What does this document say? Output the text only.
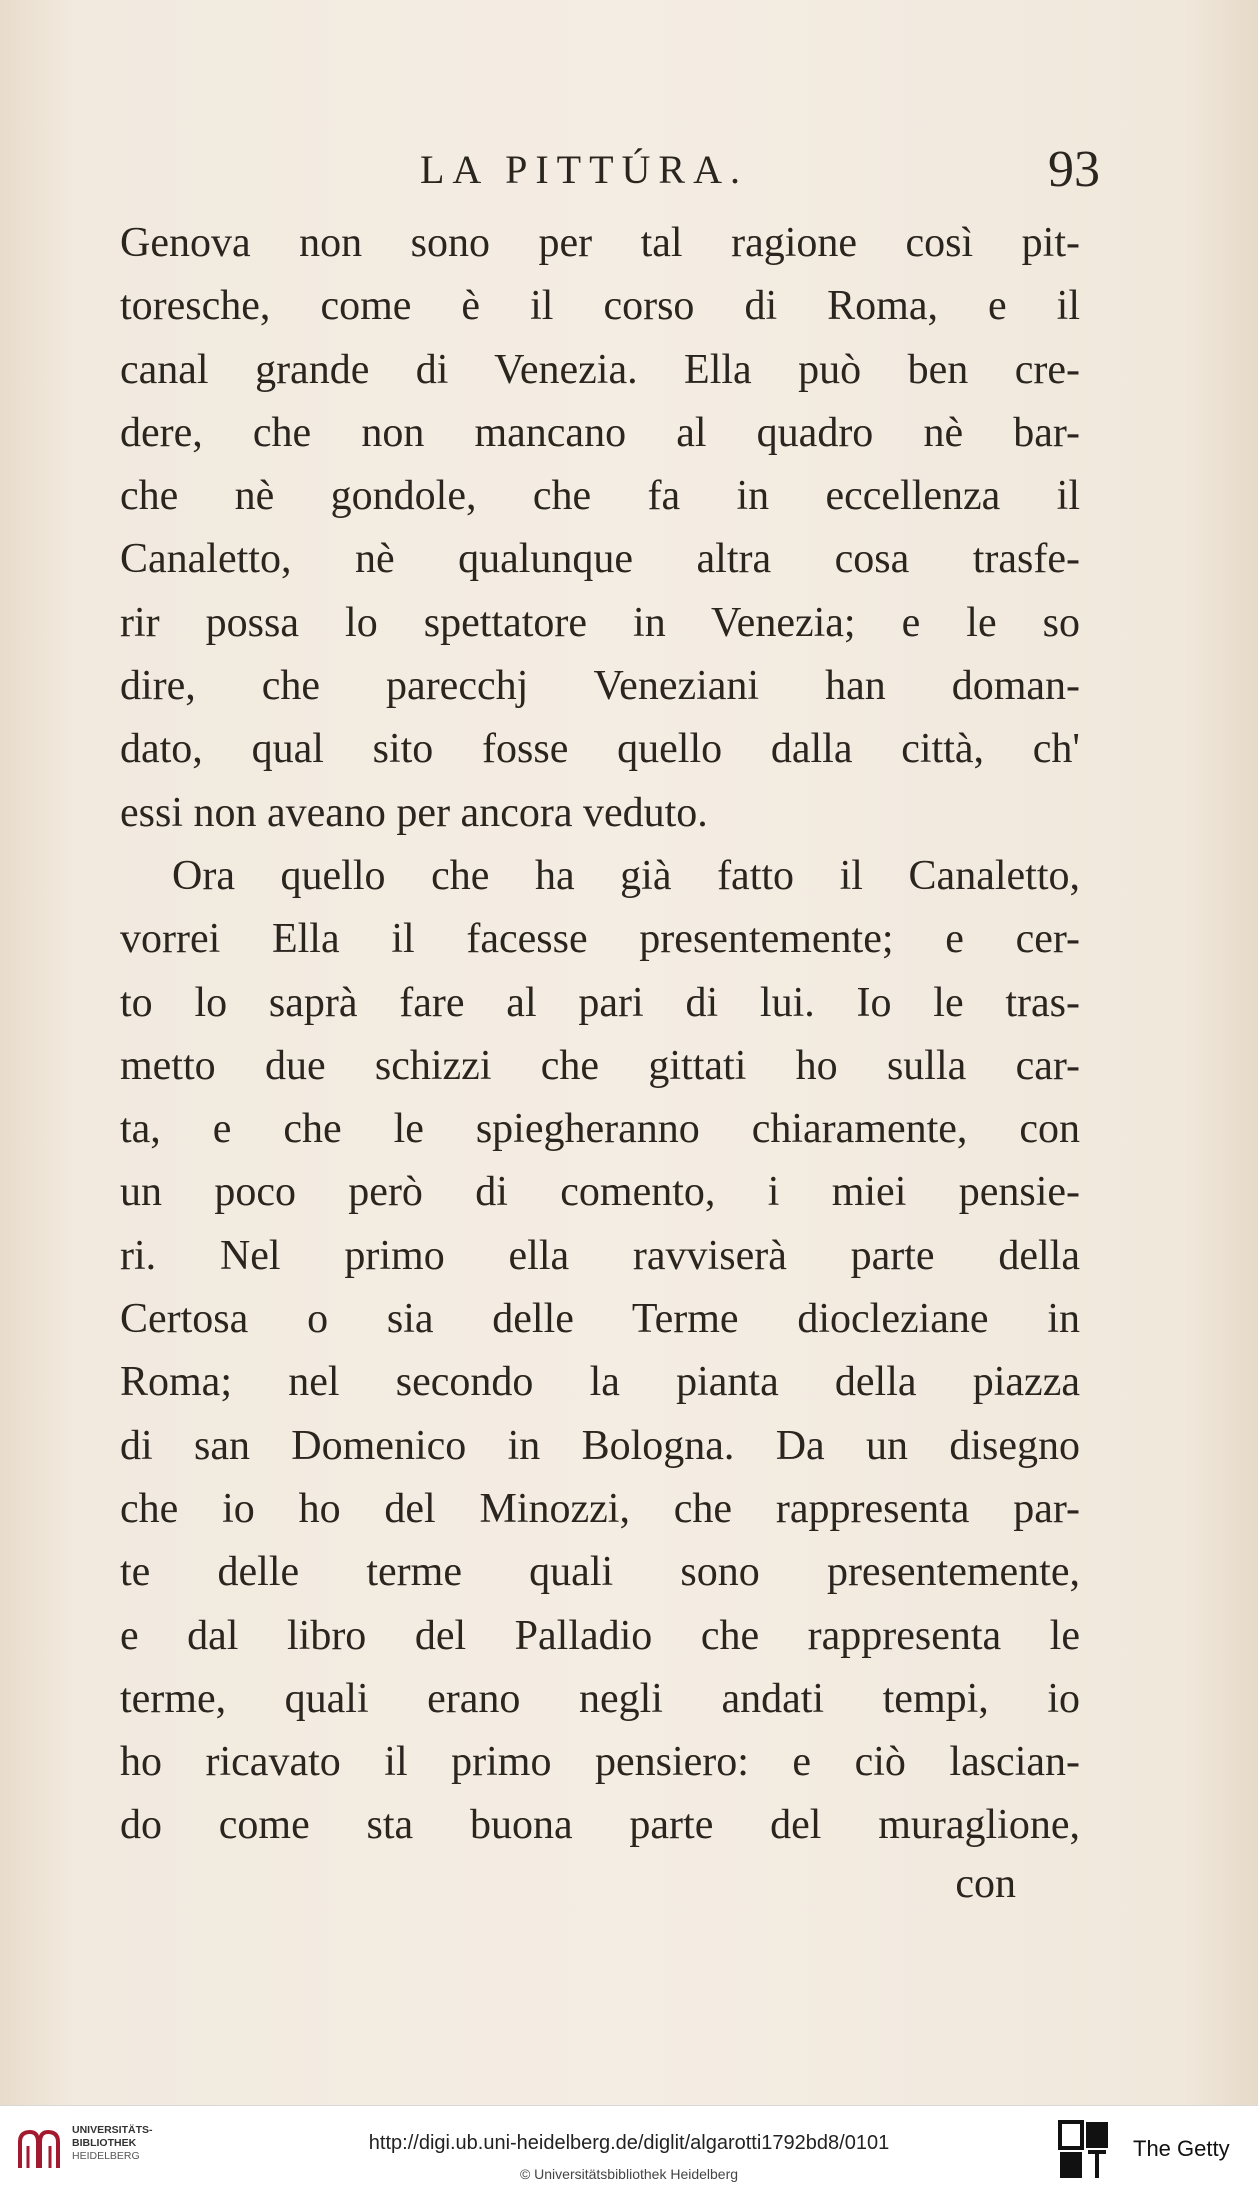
LA PITTÚRA.	93
Genova non sono per tal ragione così pit-
toresche, come è il corso di Roma, e il
canal grande di Venezia. Ella può ben cre-
dere, che non mancano al quadro nè bar-
che nè gondole, che fa in eccellenza il
Canaletto, nè qualunque altra cosa trasfe-
rir possa lo spettatore in Venezia; e le so
dire, che parecchj Veneziani han doman-
dato, qual sito fosse quello dalla città, ch'
essi non aveano per ancora veduto.
Ora quello che ha già fatto il Canaletto,
vorrei Ella il facesse presentemente; e cer-
to lo saprà fare al pari di lui. Io le tras-
metto due schizzi che gittati ho sulla car-
ta, e che le spiegheranno chiaramente, con
un poco però di comento, i miei pensie-
ri. Nel primo ella ravviserà parte della
Certosa o sia delle Terme diocleziane in
Roma; nel secondo la pianta della piazza
di san Domenico in Bologna. Da un disegno
che io ho del Minozzi, che rappresenta par-
te delle terme quali sono presentemente,
e dal libro del Palladio che rappresenta le
terme, quali erano negli andati tempi, io
ho ricavato il primo pensiero: e ciò lascian-
do come sta buona parte del muraglione,
con
UNIVERSITÄTS-
BIBLIOTHEK
HEIDELBERG
http://digi.ub.uni-heidelberg.de/diglit/algarotti1792bd8/0101
© Universitätsbibliothek Heidelberg
The Getty
